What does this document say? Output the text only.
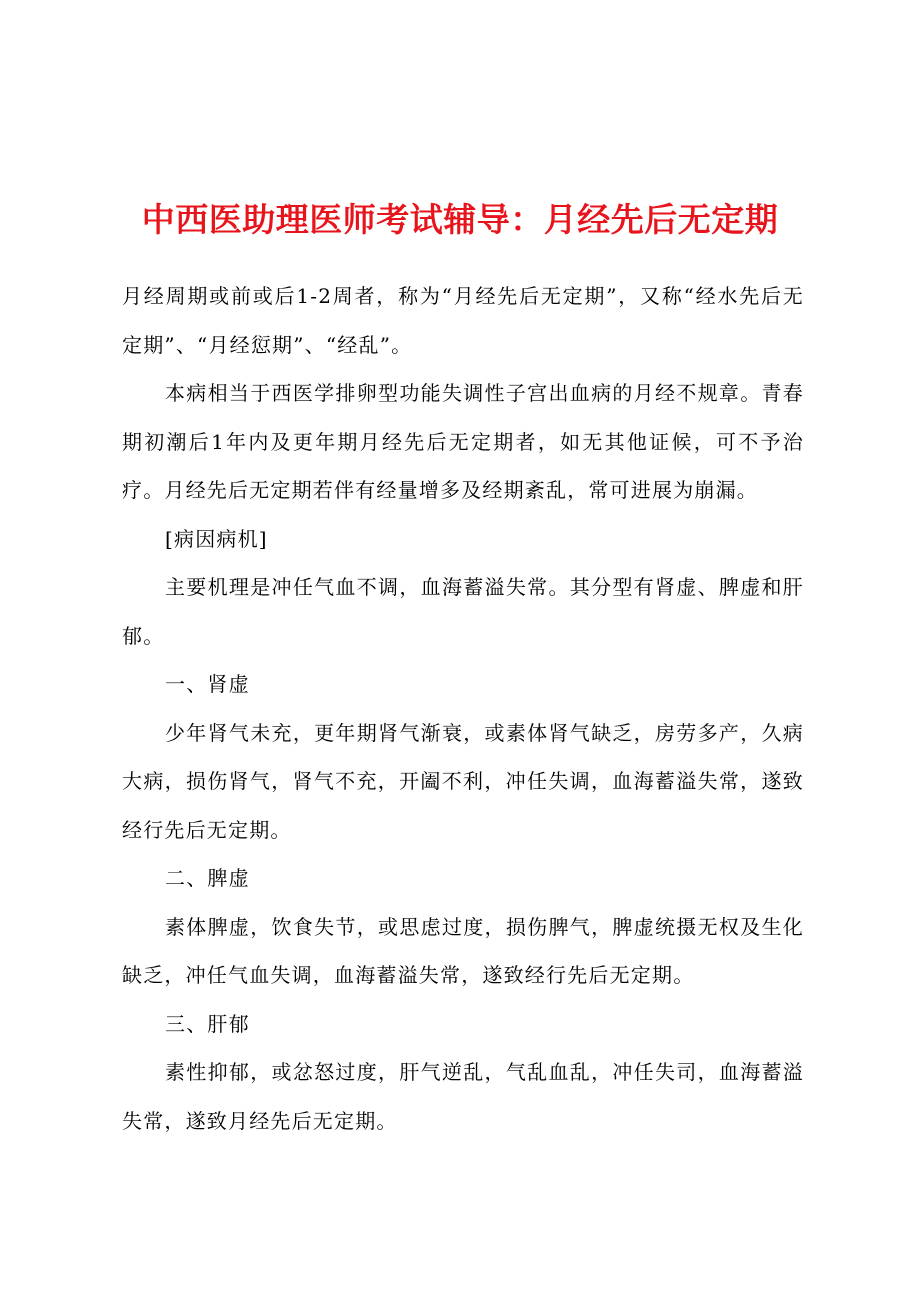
中西医助理医师考试辅导：月经先后无定期

月经周期或前或后1-2周者，称为“月经先后无定期”，又称“经水先后无定期”、“月经愆期”、“经乱”。

本病相当于西医学排卵型功能失调性子宫出血病的月经不规章。青春期初潮后1年内及更年期月经先后无定期者，如无其他证候，可不予治疗。月经先后无定期若伴有经量增多及经期紊乱，常可进展为崩漏。

[病因病机]

主要机理是冲任气血不调，血海蓄溢失常。其分型有肾虚、脾虚和肝郁。

一、肾虚

少年肾气未充，更年期肾气渐衰，或素体肾气缺乏，房劳多产，久病大病，损伤肾气，肾气不充，开阖不利，冲任失调，血海蓄溢失常，遂致经行先后无定期。

二、脾虚

素体脾虚，饮食失节，或思虑过度，损伤脾气，脾虚统摄无权及生化缺乏，冲任气血失调，血海蓄溢失常，遂致经行先后无定期。

三、肝郁

素性抑郁，或忿怒过度，肝气逆乱，气乱血乱，冲任失司，血海蓄溢失常，遂致月经先后无定期。
